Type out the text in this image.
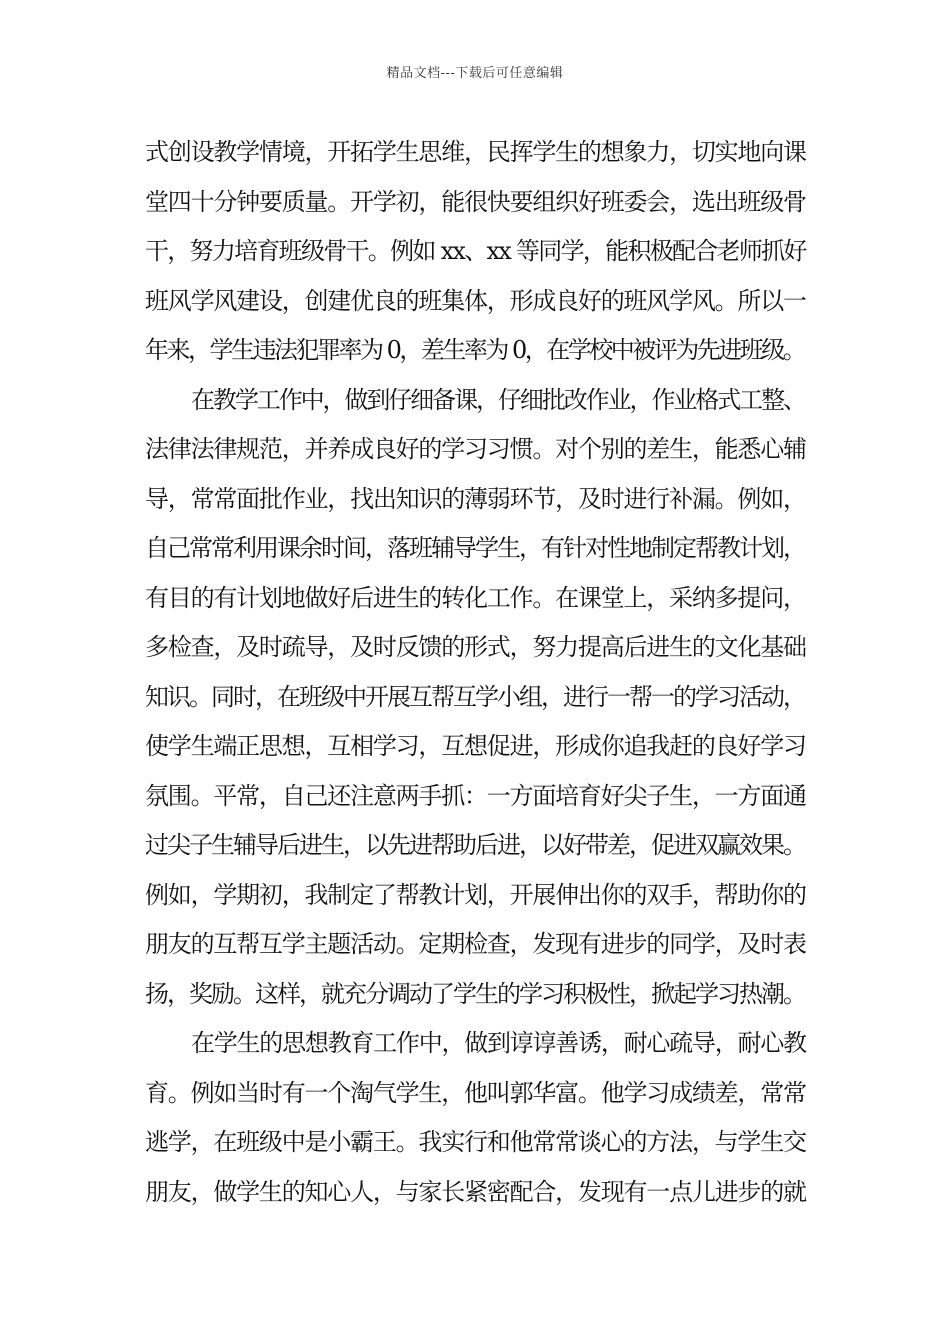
精品文档---下载后可任意编辑
式创设教学情境，开拓学生思维，民挥学生的想象力，切实地向课
堂四十分钟要质量。开学初，能很快要组织好班委会，选出班级骨
干，努力培育班级骨干。例如 xx、xx 等同学，能积极配合老师抓好
班风学风建设，创建优良的班集体，形成良好的班风学风。所以一
年来，学生违法犯罪率为 0，差生率为 0，在学校中被评为先进班级。
在教学工作中，做到仔细备课，仔细批改作业，作业格式工整、
法律法律规范，并养成良好的学习习惯。对个别的差生，能悉心辅
导，常常面批作业，找出知识的薄弱环节，及时进行补漏。例如，
自己常常利用课余时间，落班辅导学生，有针对性地制定帮教计划，
有目的有计划地做好后进生的转化工作。在课堂上，采纳多提问，
多检查，及时疏导，及时反馈的形式，努力提高后进生的文化基础
知识。同时，在班级中开展互帮互学小组，进行一帮一的学习活动，
使学生端正思想，互相学习，互想促进，形成你追我赶的良好学习
氛围。平常，自己还注意两手抓：一方面培育好尖子生，一方面通
过尖子生辅导后进生，以先进帮助后进，以好带差，促进双赢效果。
例如，学期初，我制定了帮教计划，开展伸出你的双手，帮助你的
朋友的互帮互学主题活动。定期检查，发现有进步的同学，及时表
扬，奖励。这样，就充分调动了学生的学习积极性，掀起学习热潮。
在学生的思想教育工作中，做到谆谆善诱，耐心疏导，耐心教
育。例如当时有一个淘气学生，他叫郭华富。他学习成绩差，常常
逃学，在班级中是小霸王。我实行和他常常谈心的方法，与学生交
朋友，做学生的知心人，与家长紧密配合，发现有一点儿进步的就
